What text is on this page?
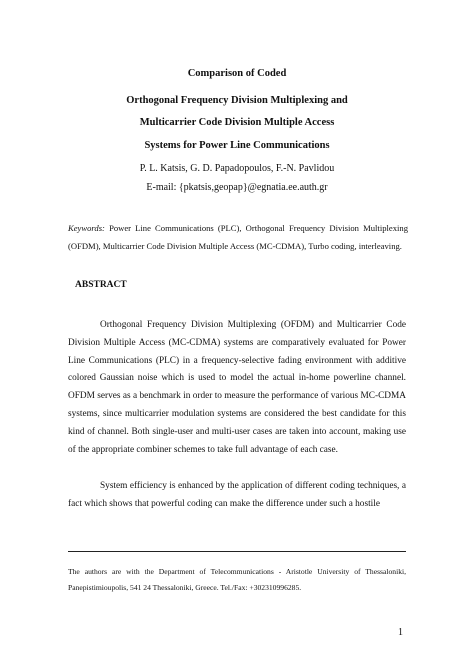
Comparison of Coded
Orthogonal Frequency Division Multiplexing and
Multicarrier Code Division Multiple Access
Systems for Power Line Communications
P. L. Katsis, G. D. Papadopoulos, F.-N. Pavlidou
E-mail: {pkatsis,geopap}@egnatia.ee.auth.gr
Keywords: Power Line Communications (PLC), Orthogonal Frequency Division Multiplexing (OFDM), Multicarrier Code Division Multiple Access (MC-CDMA), Turbo coding, interleaving.
ABSTRACT
Orthogonal Frequency Division Multiplexing (OFDM) and Multicarrier Code Division Multiple Access (MC-CDMA) systems are comparatively evaluated for Power Line Communications (PLC) in a frequency-selective fading environment with additive colored Gaussian noise which is used to model the actual in-home powerline channel. OFDM serves as a benchmark in order to measure the performance of various MC-CDMA systems, since multicarrier modulation systems are considered the best candidate for this kind of channel. Both single-user and multi-user cases are taken into account, making use of the appropriate combiner schemes to take full advantage of each case.
System efficiency is enhanced by the application of different coding techniques, a fact which shows that powerful coding can make the difference under such a hostile
The authors are with the Department of Telecommunications - Aristotle University of Thessaloniki, Panepistimioupolis, 541 24 Thessaloniki, Greece. Tel./Fax: +302310996285.
1
